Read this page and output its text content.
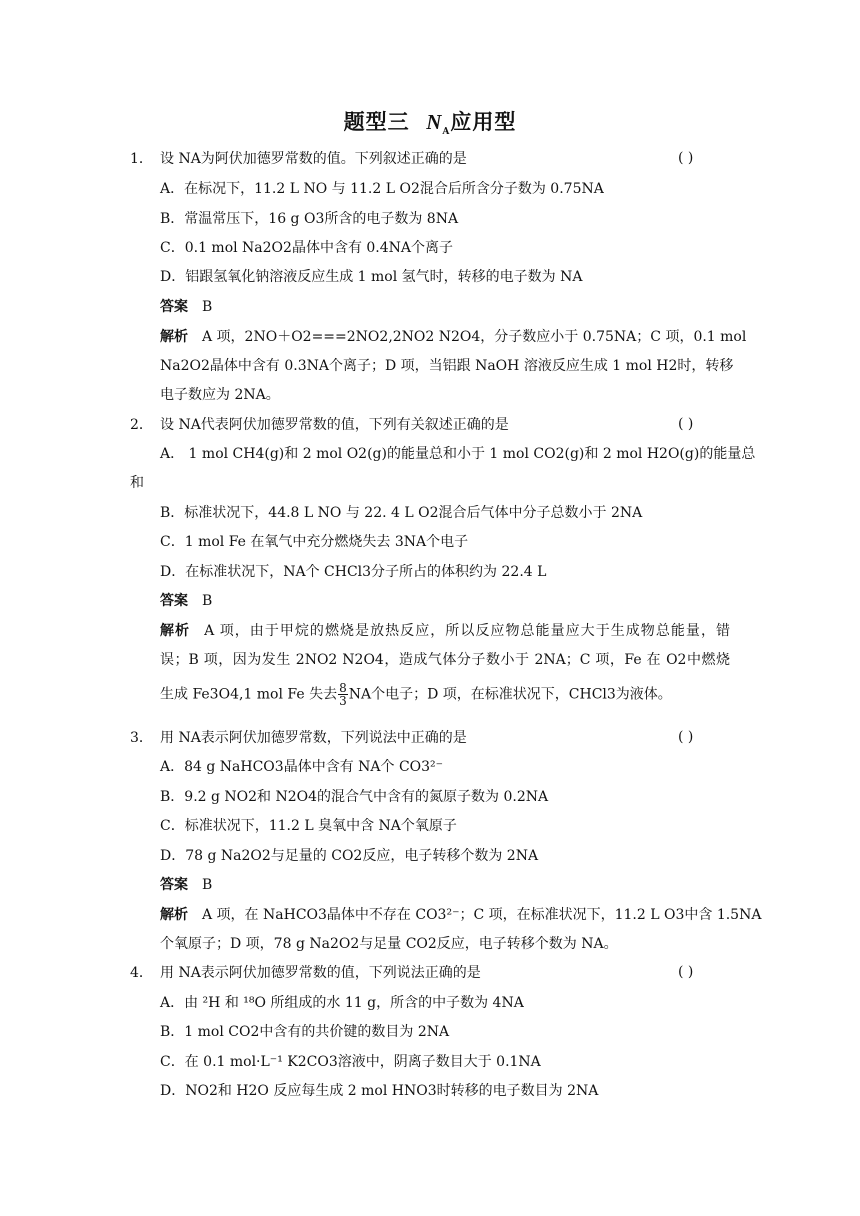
题型三 $N_A$应用型
1． 设 NA为阿伏加德罗常数的值。下列叙述正确的是	( )
A．在标况下，11.2 L NO 与 11.2 L O2混合后所含分子数为 0.75NA
B．常温常压下，16 g O3所含的电子数为 8NA
C．0.1 mol Na2O2晶体中含有 0.4NA个离子
D．铝跟氢氧化钠溶液反应生成 1 mol 氢气时，转移的电子数为 NA
答案 B
解析 A 项，2NO＋O2===2NO2,2NO2 N2O4，分子数应小于 0.75NA；C 项，0.1 mol
Na2O2晶体中含有 0.3NA个离子；D 项，当铝跟 NaOH 溶液反应生成 1 mol H2时，转移
电子数应为 2NA。
2． 设 NA代表阿伏加德罗常数的值，下列有关叙述正确的是	( )
A． 1 mol CH4(g)和 2 mol O2(g)的能量总和小于 1 mol CO2(g)和 2 mol H2O(g)的能量总
和
B．标准状况下，44.8 L NO 与 22. 4 L O2混合后气体中分子总数小于 2NA
C．1 mol Fe 在氧气中充分燃烧失去 3NA个电子
D．在标准状况下，NA个 CHCl3分子所占的体积约为 22.4 L
答案 B
解析 A 项，由于甲烷的燃烧是放热反应，所以反应物总能量应大于生成物总能量，错
误；B 项，因为发生 2NO2 N2O4，造成气体分子数小于 2NA；C 项，Fe 在 O2中燃烧
生成 Fe3O4,1 mol Fe 失去 $\frac{8}{3}$ NA个电子；D 项，在标准状况下，CHCl3为液体。
3． 用 NA表示阿伏加德罗常数，下列说法中正确的是	( )
A．84 g NaHCO3晶体中含有 NA个 CO3²⁻
B．9.2 g NO2和 N2O4的混合气中含有的氮原子数为 0.2NA
C．标准状况下，11.2 L 臭氧中含 NA个氧原子
D．78 g Na2O2与足量的 CO2反应，电子转移个数为 2NA
答案 B
解析 A 项，在 NaHCO3晶体中不存在 CO3²⁻；C 项，在标准状况下，11.2 L O3中含 1.5NA
个氧原子；D 项，78 g Na2O2与足量 CO2反应，电子转移个数为 NA。
4． 用 NA表示阿伏加德罗常数的值，下列说法正确的是	( )
A．由 ²H 和 ¹⁸O 所组成的水 11 g，所含的中子数为 4NA
B．1 mol CO2中含有的共价键的数目为 2NA
C．在 0.1 mol·L⁻¹ K2CO3溶液中，阴离子数目大于 0.1NA
D．NO2和 H2O 反应每生成 2 mol HNO3时转移的电子数目为 2NA
